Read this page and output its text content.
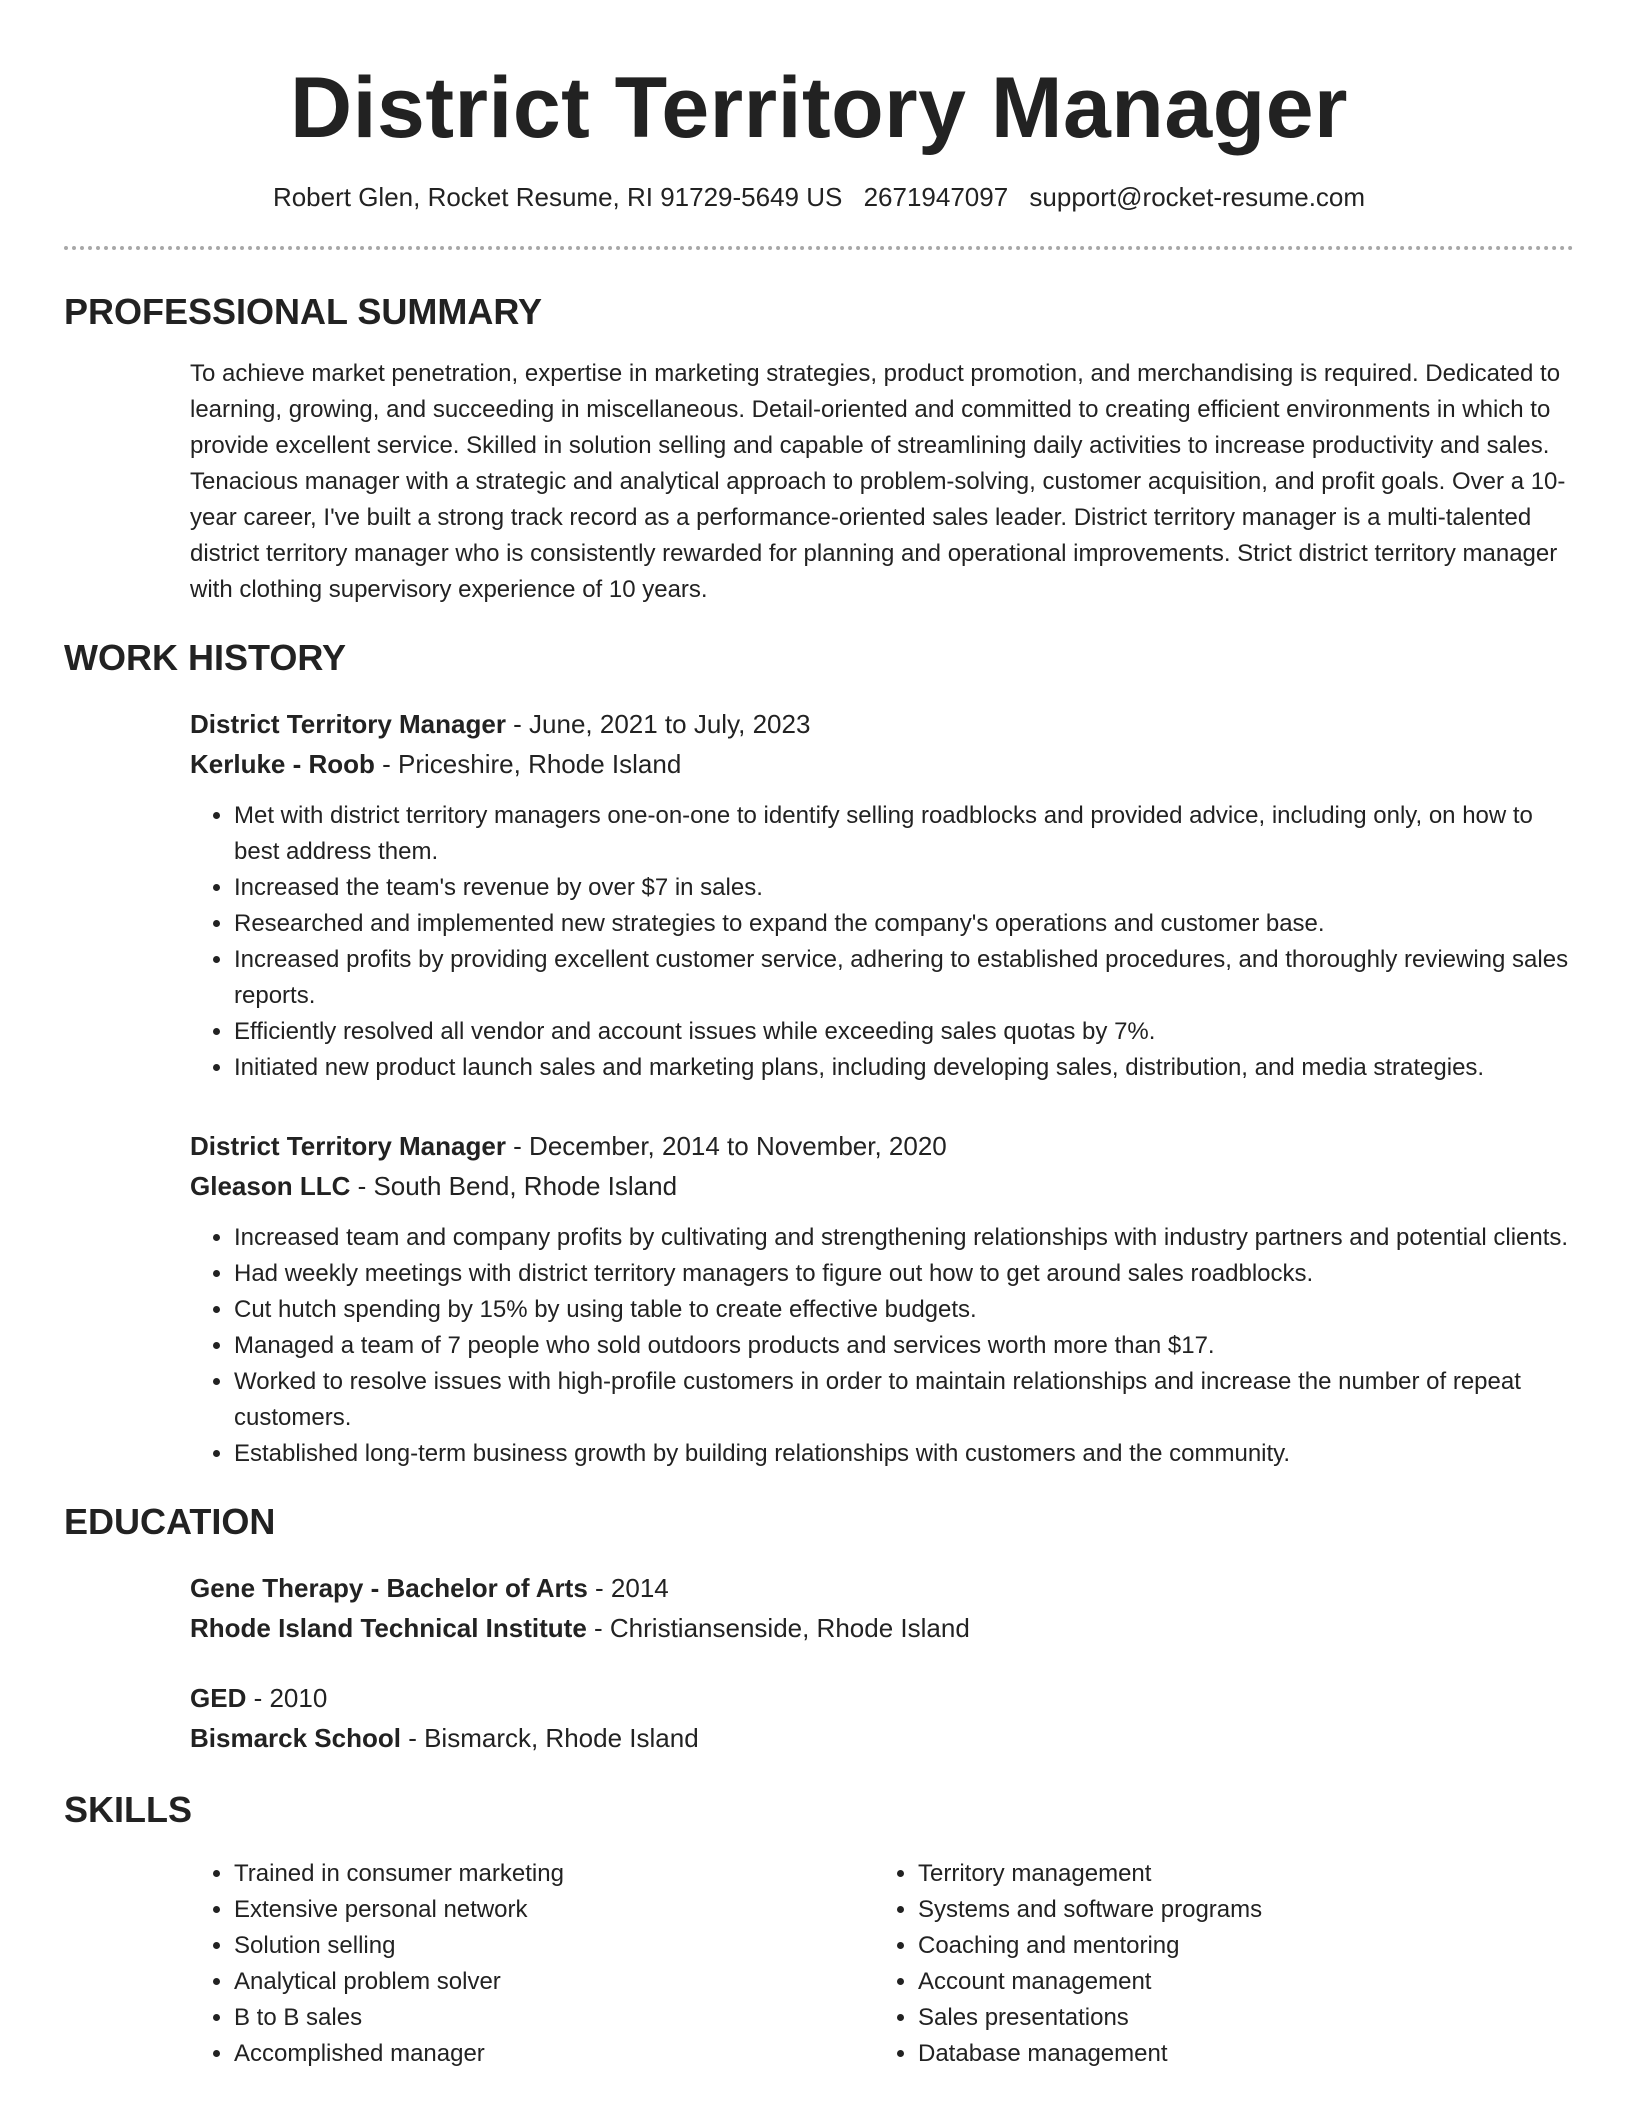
District Territory Manager
Robert Glen, Rocket Resume, RI 91729-5649 US 2671947097 support@rocket-resume.com
PROFESSIONAL SUMMARY

To achieve market penetration, expertise in marketing strategies, product promotion, and merchandising is required. Dedicated to learning, growing, and succeeding in miscellaneous. Detail-oriented and committed to creating efficient environments in which to provide excellent service. Skilled in solution selling and capable of streamlining daily activities to increase productivity and sales. Tenacious manager with a strategic and analytical approach to problem-solving, customer acquisition, and profit goals. Over a 10-year career, I've built a strong track record as a performance-oriented sales leader. District territory manager is a multi-talented district territory manager who is consistently rewarded for planning and operational improvements. Strict district territory manager with clothing supervisory experience of 10 years.

WORK HISTORY
District Territory Manager - June, 2021 to July, 2023
Kerluke - Roob - Priceshire, Rhode Island
• Met with district territory managers one-on-one to identify selling roadblocks and provided advice, including only, on how to best address them.
• Increased the team's revenue by over $7 in sales.
• Researched and implemented new strategies to expand the company's operations and customer base.
• Increased profits by providing excellent customer service, adhering to established procedures, and thoroughly reviewing sales reports.
• Efficiently resolved all vendor and account issues while exceeding sales quotas by 7%.
• Initiated new product launch sales and marketing plans, including developing sales, distribution, and media strategies.
District Territory Manager - December, 2014 to November, 2020
Gleason LLC - South Bend, Rhode Island
• Increased team and company profits by cultivating and strengthening relationships with industry partners and potential clients.
• Had weekly meetings with district territory managers to figure out how to get around sales roadblocks.
• Cut hutch spending by 15% by using table to create effective budgets.
• Managed a team of 7 people who sold outdoors products and services worth more than $17.
• Worked to resolve issues with high-profile customers in order to maintain relationships and increase the number of repeat customers.
• Established long-term business growth by building relationships with customers and the community.
EDUCATION
Gene Therapy - Bachelor of Arts - 2014
Rhode Island Technical Institute - Christiansenside, Rhode Island
GED - 2010
Bismarck School - Bismarck, Rhode Island
SKILLS
• Trained in consumer marketing
• Extensive personal network
• Solution selling
• Analytical problem solver
• B to B sales
• Accomplished manager
• Territory management
• Systems and software programs
• Coaching and mentoring
• Account management
• Sales presentations
• Database management
